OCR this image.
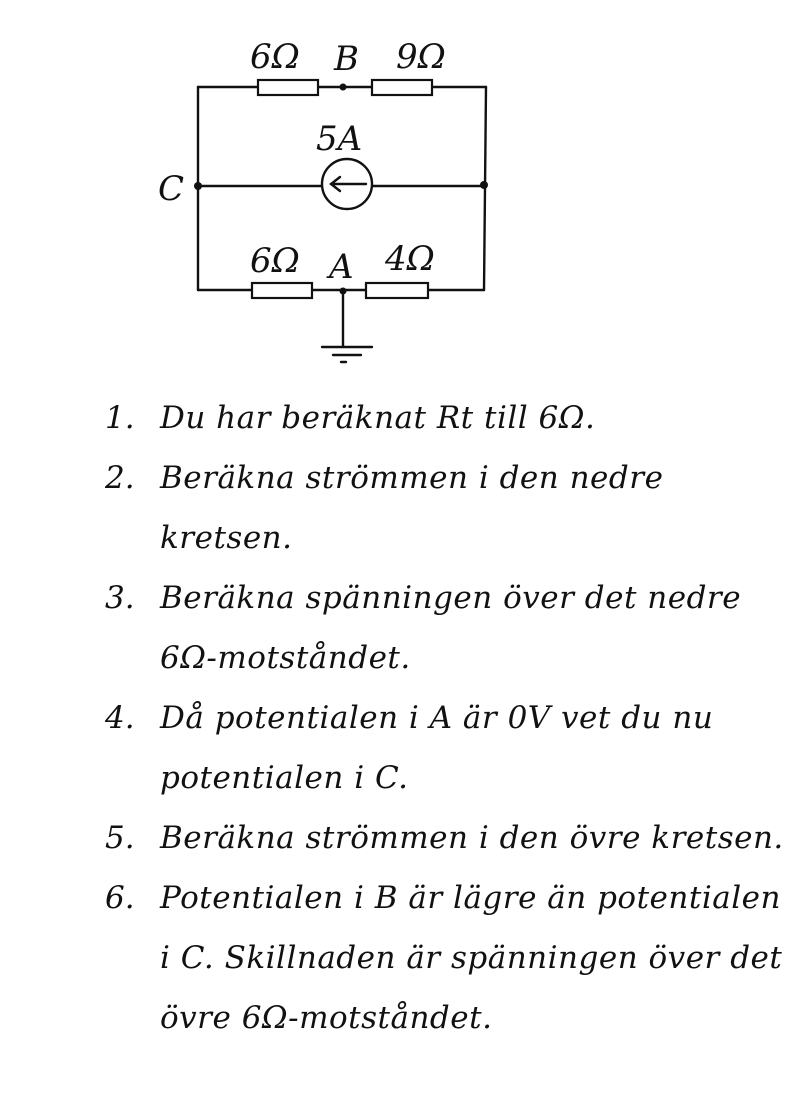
6Ω B 9Ω
5A
C
6Ω A 4Ω
1. Du har beräknat Rt till 6Ω.
2. Beräkna strömmen i den nedre kretsen.
3. Beräkna spänningen över det nedre 6Ω-motståndet.
4. Då potentialen i A är 0V vet du nu potentialen i C.
5. Beräkna strömmen i den övre kretsen.
6. Potentialen i B är lägre än potentialen i C. Skillnaden är spänningen över det övre 6Ω-motståndet.
